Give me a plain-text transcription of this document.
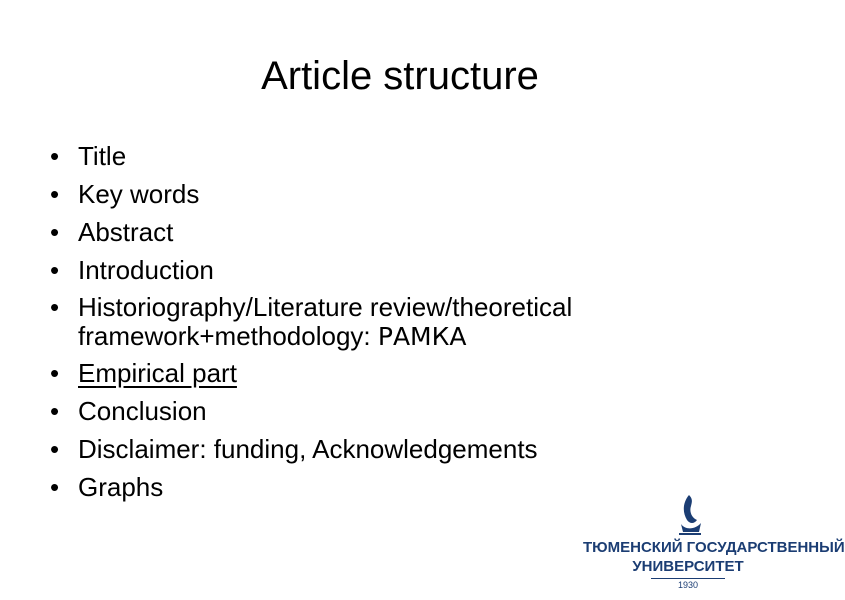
Article structure
• Title
• Key words
• Abstract
• Introduction
• Historiography/Literature review/theoretical
framework+methodology: РАМКА
• Empirical part
• Conclusion
• Disclaimer: funding, Acknowledgements
• Graphs
ТЮМЕНСКИЙ ГОСУДАРСТВЕННЫЙ
УНИВЕРСИТЕТ
1930
